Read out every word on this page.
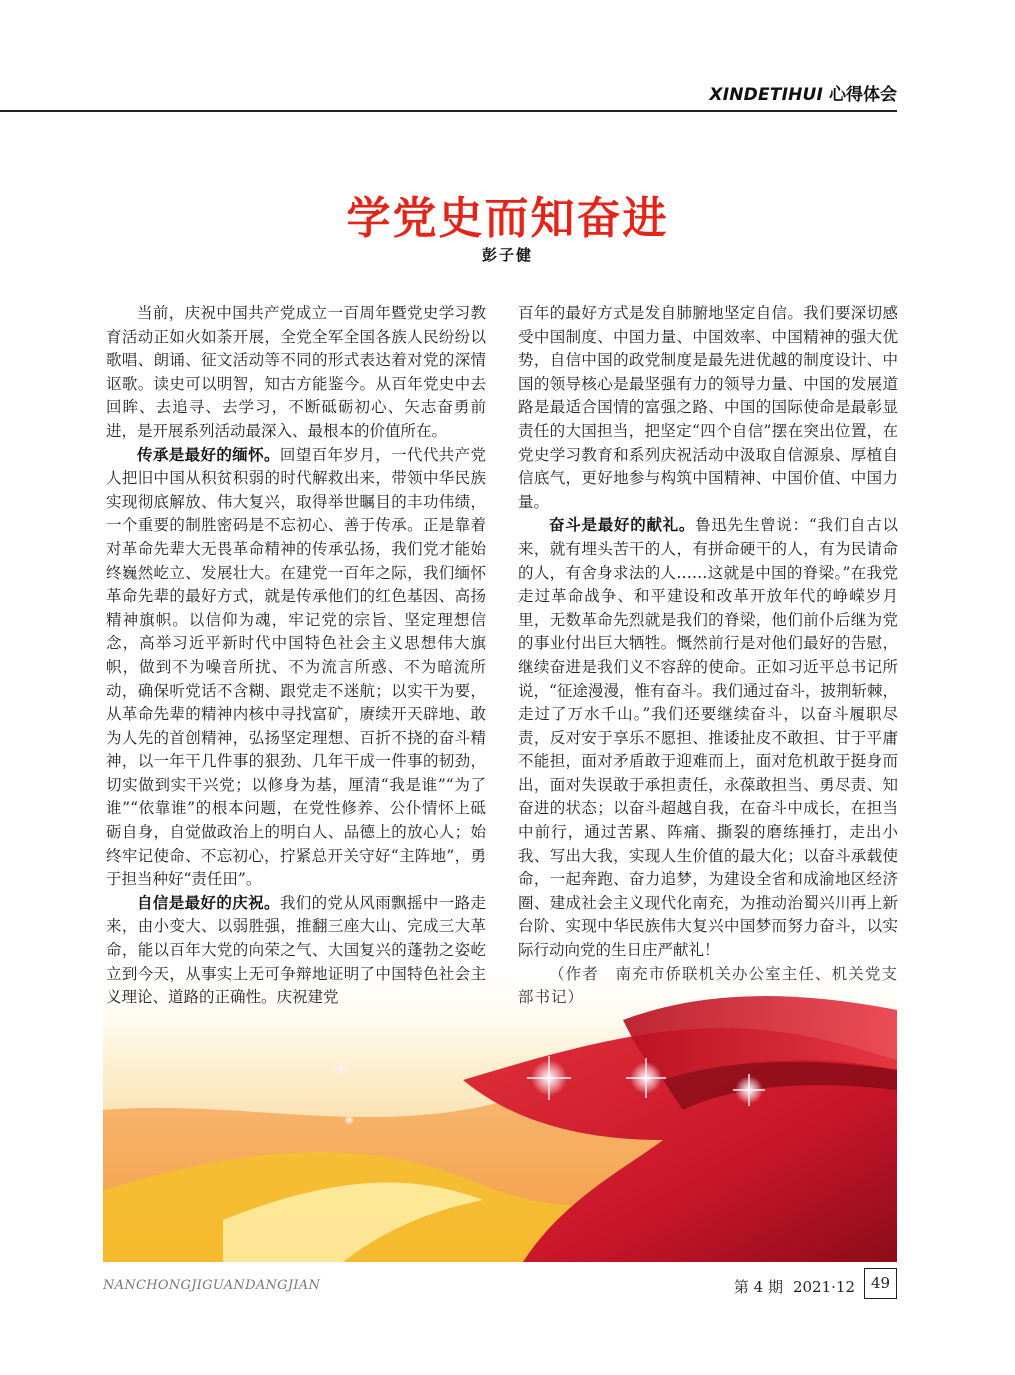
XINDETIHUI 心得体会
学党史而知奋进
彭子健

当前，庆祝中国共产党成立一百周年暨党史学习教育活动正如火如荼开展，全党全军全国各族人民纷纷以歌唱、朗诵、征文活动等不同的形式表达着对党的深情讴歌。读史可以明智，知古方能鉴今。从百年党史中去回眸、去追寻、去学习，不断砥砺初心、矢志奋勇前进，是开展系列活动最深入、最根本的价值所在。

传承是最好的缅怀。回望百年岁月，一代代共产党人把旧中国从积贫积弱的时代解救出来，带领中华民族实现彻底解放、伟大复兴，取得举世瞩目的丰功伟绩，一个重要的制胜密码是不忘初心、善于传承。正是靠着对革命先辈大无畏革命精神的传承弘扬，我们党才能始终巍然屹立、发展壮大。在建党一百年之际，我们缅怀革命先辈的最好方式，就是传承他们的红色基因、高扬精神旗帜。以信仰为魂，牢记党的宗旨、坚定理想信念，高举习近平新时代中国特色社会主义思想伟大旗帜，做到不为噪音所扰、不为流言所惑、不为暗流所动，确保听党话不含糊、跟党走不迷航；以实干为要，从革命先辈的精神内核中寻找富矿，赓续开天辟地、敢为人先的首创精神，弘扬坚定理想、百折不挠的奋斗精神，以一年干几件事的狠劲、几年干成一件事的韧劲，切实做到实干兴党；以修身为基，厘清“我是谁”“为了谁”“依靠谁”的根本问题，在党性修养、公仆情怀上砥砺自身，自觉做政治上的明白人、品德上的放心人；始终牢记使命、不忘初心，拧紧总开关守好“主阵地”，勇于担当种好“责任田”。

自信是最好的庆祝。我们的党从风雨飘摇中一路走来，由小变大、以弱胜强，推翻三座大山、完成三大革命，能以百年大党的向荣之气、大国复兴的蓬勃之姿屹立到今天，从事实上无可争辩地证明了中国特色社会主义理论、道路的正确性。庆祝建党

百年的最好方式是发自肺腑地坚定自信。我们要深切感受中国制度、中国力量、中国效率、中国精神的强大优势，自信中国的政党制度是最先进优越的制度设计、中国的领导核心是最坚强有力的领导力量、中国的发展道路是最适合国情的富强之路、中国的国际使命是最彰显责任的大国担当，把坚定“四个自信”摆在突出位置，在党史学习教育和系列庆祝活动中汲取自信源泉、厚植自信底气，更好地参与构筑中国精神、中国价值、中国力量。

奋斗是最好的献礼。鲁迅先生曾说：“我们自古以来，就有埋头苦干的人，有拼命硬干的人，有为民请命的人，有舍身求法的人……这就是中国的脊梁。”在我党走过革命战争、和平建设和改革开放年代的峥嵘岁月里，无数革命先烈就是我们的脊梁，他们前仆后继为党的事业付出巨大牺牲。慨然前行是对他们最好的告慰，继续奋进是我们义不容辞的使命。正如习近平总书记所说，“征途漫漫，惟有奋斗。我们通过奋斗，披荆斩棘，走过了万水千山。”我们还要继续奋斗，以奋斗履职尽责，反对安于享乐不愿担、推诿扯皮不敢担、甘于平庸不能担，面对矛盾敢于迎难而上，面对危机敢于挺身而出，面对失误敢于承担责任，永葆敢担当、勇尽责、知奋进的状态；以奋斗超越自我，在奋斗中成长，在担当中前行，通过苦累、阵痛、撕裂的磨练捶打，走出小我、写出大我，实现人生价值的最大化；以奋斗承载使命，一起奔跑、奋力追梦，为建设全省和成渝地区经济圈、建成社会主义现代化南充，为推动治蜀兴川再上新台阶、实现中华民族伟大复兴中国梦而努力奋斗，以实际行动向党的生日庄严献礼！

（作者　南充市侨联机关办公室主任、机关党支部书记）

NANCHONGJIGUANDANGJIAN	第 4 期 2021·12	49
